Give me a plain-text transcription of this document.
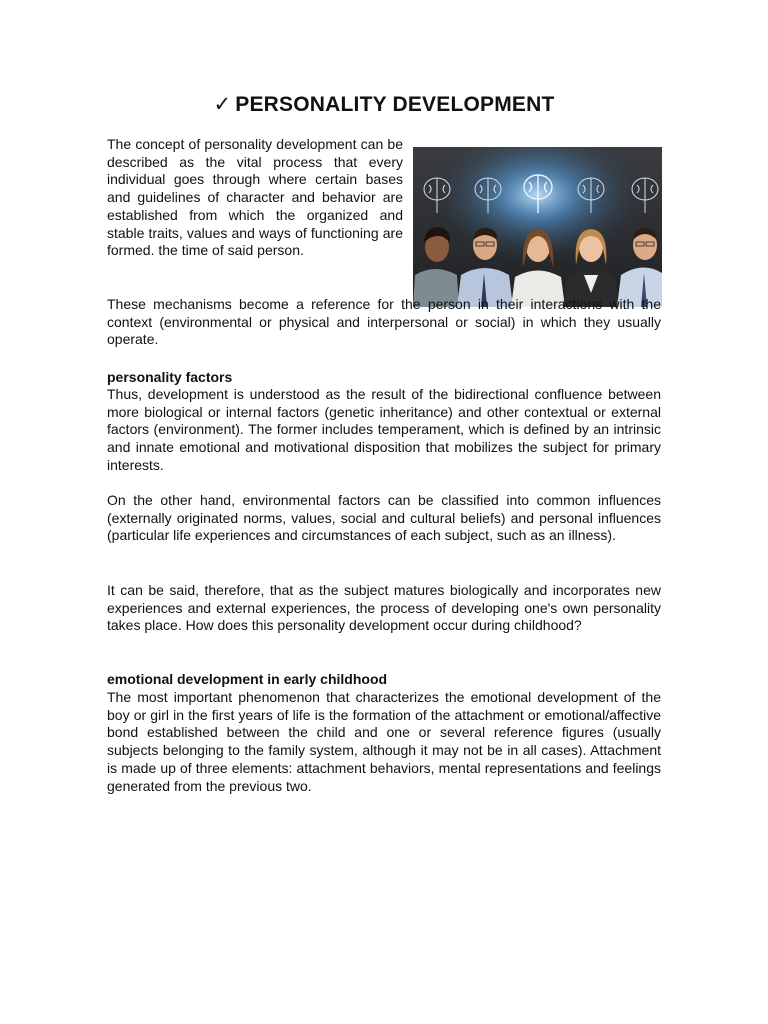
✓ PERSONALITY DEVELOPMENT

The concept of personality development can be described as the vital process that every individual goes through where certain bases and guidelines of character and behavior are established from which the organized and stable traits, values and ways of functioning are formed. the time of said person.

These mechanisms become a reference for the person in their interactions with the context (environmental or physical and interpersonal or social) in which they usually operate.

personality factors

Thus, development is understood as the result of the bidirectional confluence between more biological or internal factors (genetic inheritance) and other contextual or external factors (environment). The former includes temperament, which is defined by an intrinsic and innate emotional and motivational disposition that mobilizes the subject for primary interests.

On the other hand, environmental factors can be classified into common influences (externally originated norms, values, social and cultural beliefs) and personal influences (particular life experiences and circumstances of each subject, such as an illness).

It can be said, therefore, that as the subject matures biologically and incorporates new experiences and external experiences, the process of developing one's own personality takes place. How does this personality development occur during childhood?

emotional development in early childhood

The most important phenomenon that characterizes the emotional development of the boy or girl in the first years of life is the formation of the attachment or emotional/affective bond established between the child and one or several reference figures (usually subjects belonging to the family system, although it may not be in all cases). Attachment is made up of three elements: attachment behaviors, mental representations and feelings generated from the previous two.
